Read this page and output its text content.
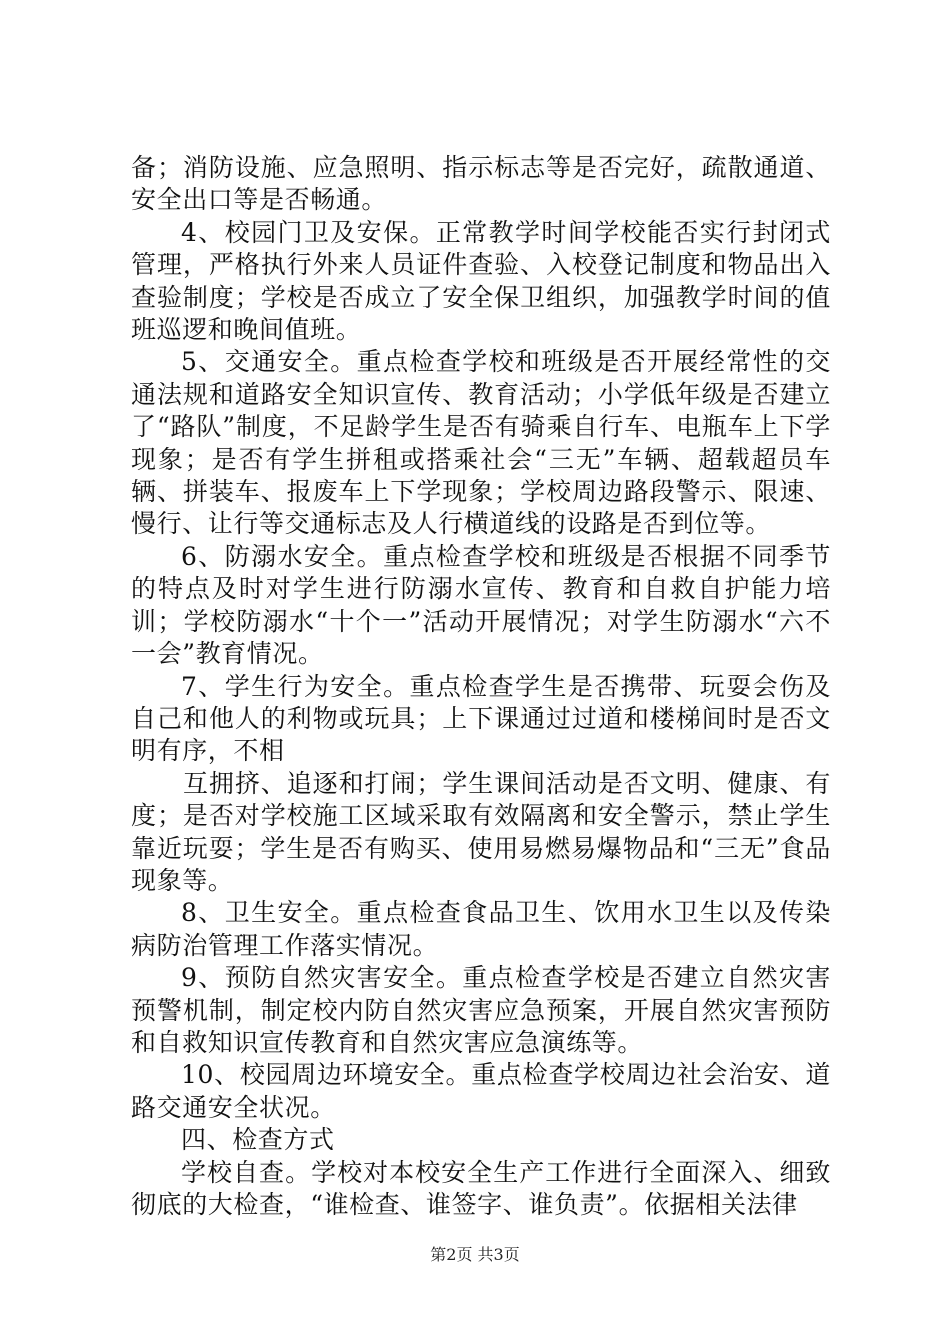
备；消防设施、应急照明、指示标志等是否完好，疏散通道、安全出口等是否畅通。

4、校园门卫及安保。正常教学时间学校能否实行封闭式管理，严格执行外来人员证件查验、入校登记制度和物品出入查验制度；学校是否成立了安全保卫组织，加强教学时间的值班巡逻和晚间值班。

5、交通安全。重点检查学校和班级是否开展经常性的交通法规和道路安全知识宣传、教育活动；小学低年级是否建立了“路队”制度，不足龄学生是否有骑乘自行车、电瓶车上下学现象；是否有学生拼租或搭乘社会“三无”车辆、超载超员车辆、拼装车、报废车上下学现象；学校周边路段警示、限速、慢行、让行等交通标志及人行横道线的设路是否到位等。

6、防溺水安全。重点检查学校和班级是否根据不同季节的特点及时对学生进行防溺水宣传、教育和自救自护能力培训；学校防溺水“十个一”活动开展情况；对学生防溺水“六不一会”教育情况。

7、学生行为安全。重点检查学生是否携带、玩耍会伤及自己和他人的利物或玩具；上下课通过过道和楼梯间时是否文明有序，不相

互拥挤、追逐和打闹；学生课间活动是否文明、健康、有度；是否对学校施工区域采取有效隔离和安全警示，禁止学生靠近玩耍；学生是否有购买、使用易燃易爆物品和“三无”食品现象等。

8、卫生安全。重点检查食品卫生、饮用水卫生以及传染病防治管理工作落实情况。

9、预防自然灾害安全。重点检查学校是否建立自然灾害预警机制，制定校内防自然灾害应急预案，开展自然灾害预防和自救知识宣传教育和自然灾害应急演练等。

10、校园周边环境安全。重点检查学校周边社会治安、道路交通安全状况。

四、检查方式

学校自查。学校对本校安全生产工作进行全面深入、细致彻底的大检查，“谁检查、谁签字、谁负责”。依据相关法律

第2页 共3页
